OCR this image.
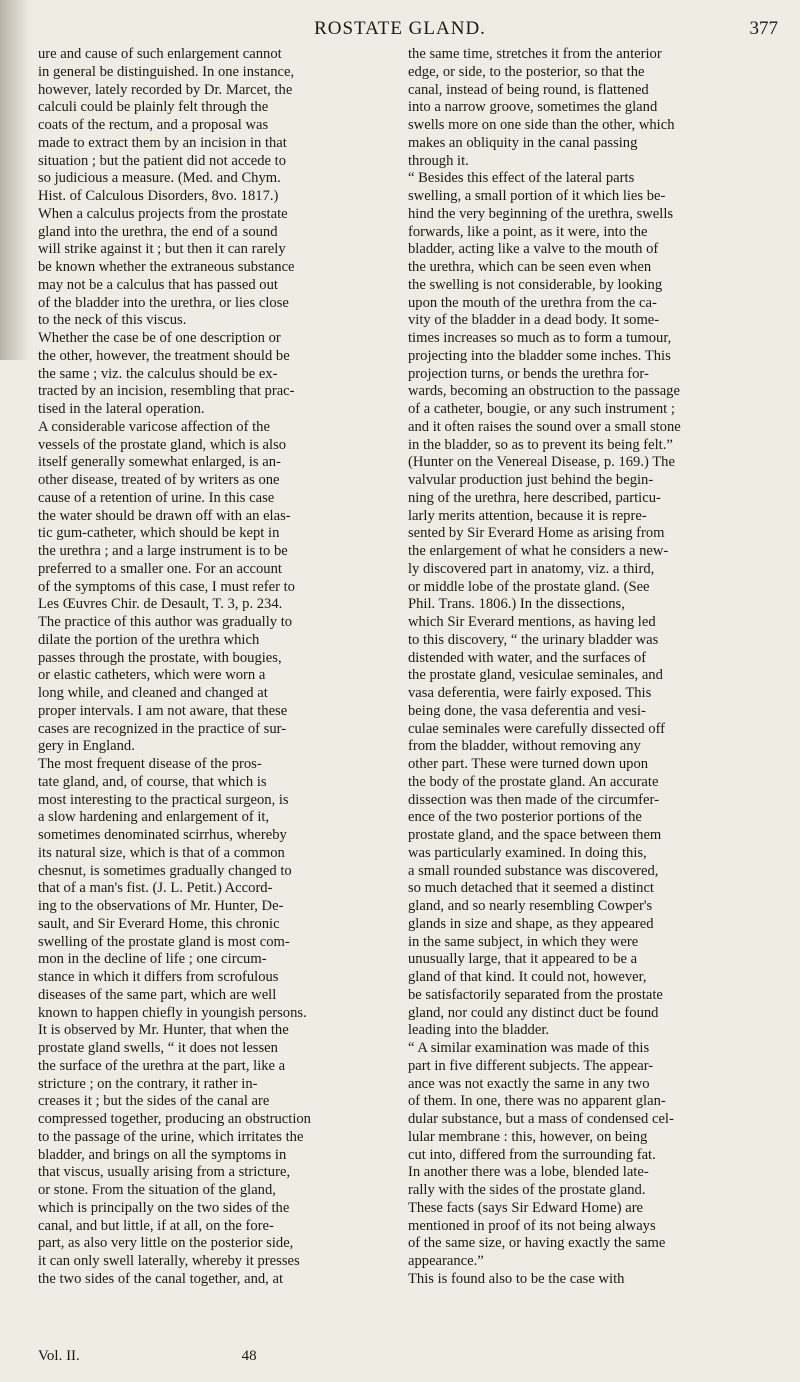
ROSTATE GLAND.	377
ure and cause of such enlargement cannot
in general be distinguished. In one instance,
however, lately recorded by Dr. Marcet, the
calculi could be plainly felt through the
coats of the rectum, and a proposal was
made to extract them by an incision in that
situation ; but the patient did not accede to
so judicious a measure. (Med. and Chym.
Hist. of Calculous Disorders, 8vo. 1817.)
When a calculus projects from the prostate
gland into the urethra, the end of a sound
will strike against it ; but then it can rarely
be known whether the extraneous substance
may not be a calculus that has passed out
of the bladder into the urethra, or lies close
to the neck of this viscus.
Whether the case be of one description or
the other, however, the treatment should be
the same ; viz. the calculus should be ex-
tracted by an incision, resembling that prac-
tised in the lateral operation.
A considerable varicose affection of the
vessels of the prostate gland, which is also
itself generally somewhat enlarged, is an-
other disease, treated of by writers as one
cause of a retention of urine. In this case
the water should be drawn off with an elas-
tic gum-catheter, which should be kept in
the urethra ; and a large instrument is to be
preferred to a smaller one. For an account
of the symptoms of this case, I must refer to
Les Œuvres Chir. de Desault, T. 3, p. 234.
The practice of this author was gradually to
dilate the portion of the urethra which
passes through the prostate, with bougies,
or elastic catheters, which were worn a
long while, and cleaned and changed at
proper intervals. I am not aware, that these
cases are recognized in the practice of sur-
gery in England.
The most frequent disease of the pros-
tate gland, and, of course, that which is
most interesting to the practical surgeon, is
a slow hardening and enlargement of it,
sometimes denominated scirrhus, whereby
its natural size, which is that of a common
chesnut, is sometimes gradually changed to
that of a man's fist. (J. L. Petit.) Accord-
ing to the observations of Mr. Hunter, De-
sault, and Sir Everard Home, this chronic
swelling of the prostate gland is most com-
mon in the decline of life ; one circum-
stance in which it differs from scrofulous
diseases of the same part, which are well
known to happen chiefly in youngish persons.
It is observed by Mr. Hunter, that when the
prostate gland swells, “ it does not lessen
the surface of the urethra at the part, like a
stricture ; on the contrary, it rather in-
creases it ; but the sides of the canal are
compressed together, producing an obstruction
to the passage of the urine, which irritates the
bladder, and brings on all the symptoms in
that viscus, usually arising from a stricture,
or stone. From the situation of the gland,
which is principally on the two sides of the
canal, and but little, if at all, on the fore-
part, as also very little on the posterior side,
it can only swell laterally, whereby it presses
the two sides of the canal together, and, at
the same time, stretches it from the anterior
edge, or side, to the posterior, so that the
canal, instead of being round, is flattened
into a narrow groove, sometimes the gland
swells more on one side than the other, which
makes an obliquity in the canal passing
through it.
“ Besides this effect of the lateral parts
swelling, a small portion of it which lies be-
hind the very beginning of the urethra, swells
forwards, like a point, as it were, into the
bladder, acting like a valve to the mouth of
the urethra, which can be seen even when
the swelling is not considerable, by looking
upon the mouth of the urethra from the ca-
vity of the bladder in a dead body. It some-
times increases so much as to form a tumour,
projecting into the bladder some inches. This
projection turns, or bends the urethra for-
wards, becoming an obstruction to the passage
of a catheter, bougie, or any such instrument ;
and it often raises the sound over a small stone
in the bladder, so as to prevent its being felt.”
(Hunter on the Venereal Disease, p. 169.) The
valvular production just behind the begin-
ning of the urethra, here described, particu-
larly merits attention, because it is repre-
sented by Sir Everard Home as arising from
the enlargement of what he considers a new-
ly discovered part in anatomy, viz. a third,
or middle lobe of the prostate gland. (See
Phil. Trans. 1806.) In the dissections,
which Sir Everard mentions, as having led
to this discovery, “ the urinary bladder was
distended with water, and the surfaces of
the prostate gland, vesiculae seminales, and
vasa deferentia, were fairly exposed. This
being done, the vasa deferentia and vesi-
culae seminales were carefully dissected off
from the bladder, without removing any
other part. These were turned down upon
the body of the prostate gland. An accurate
dissection was then made of the circumfer-
ence of the two posterior portions of the
prostate gland, and the space between them
was particularly examined. In doing this,
a small rounded substance was discovered,
so much detached that it seemed a distinct
gland, and so nearly resembling Cowper's
glands in size and shape, as they appeared
in the same subject, in which they were
unusually large, that it appeared to be a
gland of that kind. It could not, however,
be satisfactorily separated from the prostate
gland, nor could any distinct duct be found
leading into the bladder.
“ A similar examination was made of this
part in five different subjects. The appear-
ance was not exactly the same in any two
of them. In one, there was no apparent glan-
dular substance, but a mass of condensed cel-
lular membrane : this, however, on being
cut into, differed from the surrounding fat.
In another there was a lobe, blended late-
rally with the sides of the prostate gland.
These facts (says Sir Edward Home) are
mentioned in proof of its not being always
of the same size, or having exactly the same
appearance.”
This is found also to be the case with
Vol. II.	48
